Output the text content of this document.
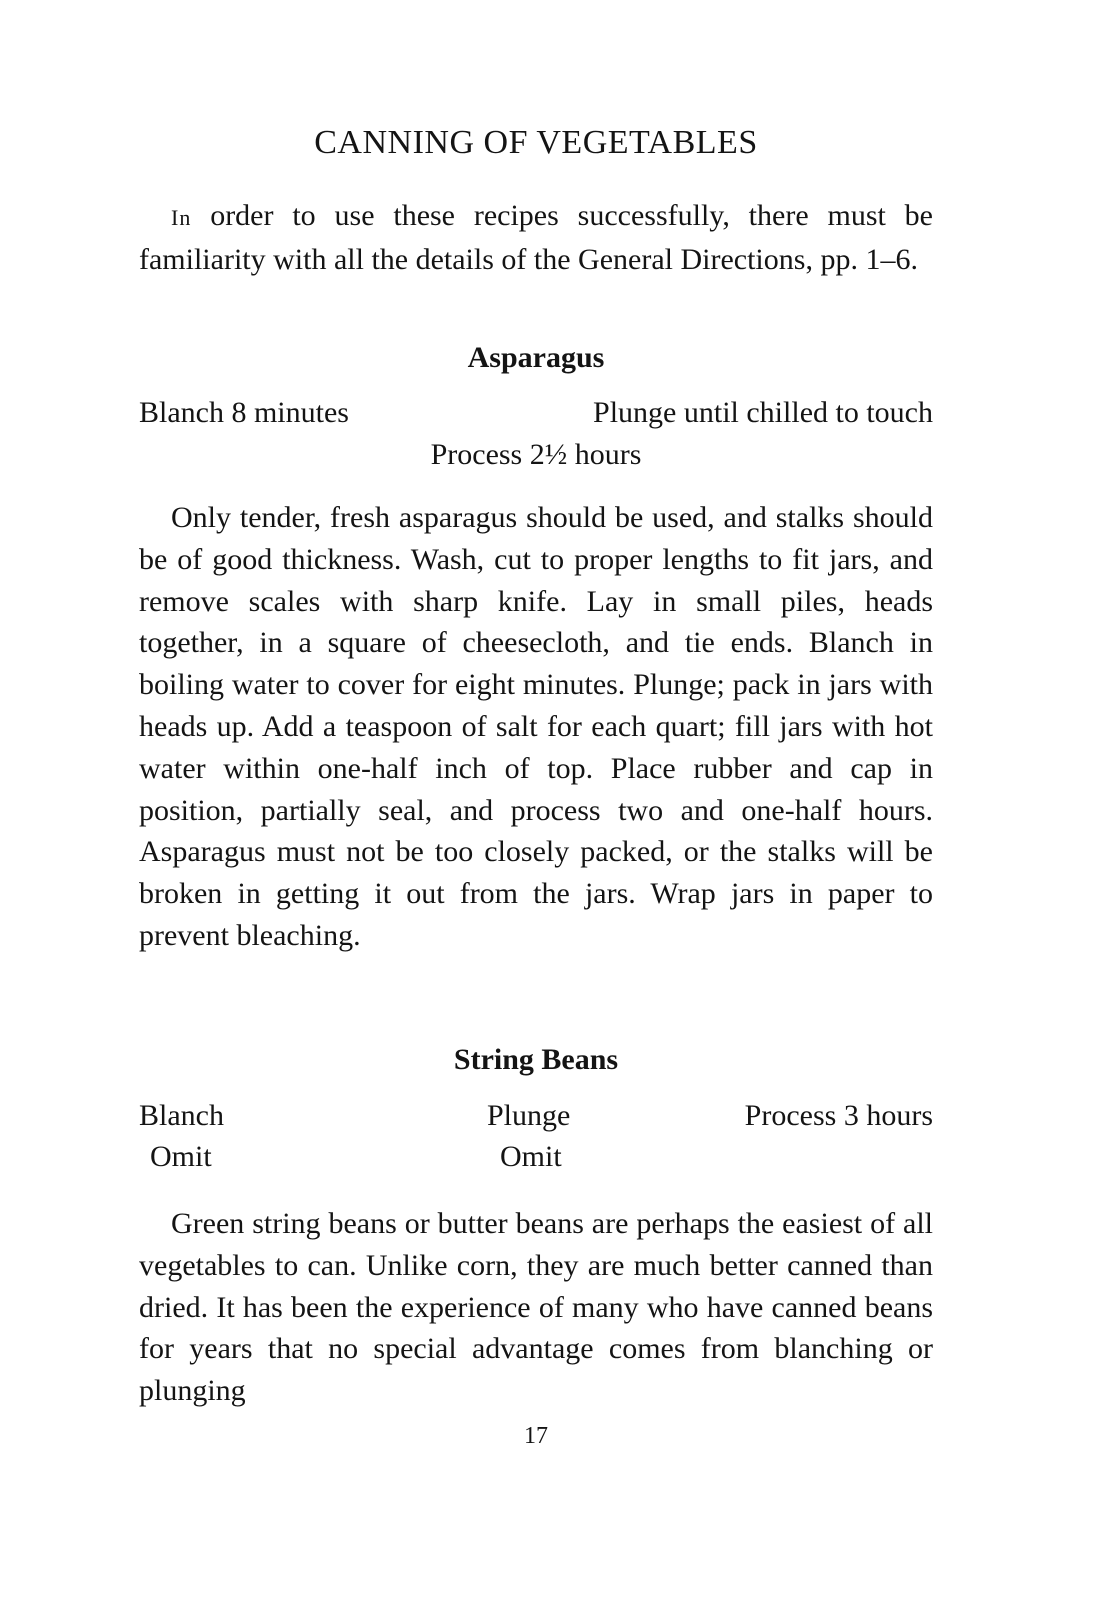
CANNING OF VEGETABLES

In order to use these recipes successfully, there must be familiarity with all the details of the General Directions, pp. 1–6.

Asparagus
Blanch 8 minutes	Plunge until chilled to touch
Process 2½ hours

Only tender, fresh asparagus should be used, and stalks should be of good thickness. Wash, cut to proper lengths to fit jars, and remove scales with sharp knife. Lay in small piles, heads together, in a square of cheesecloth, and tie ends. Blanch in boiling water to cover for eight minutes. Plunge; pack in jars with heads up. Add a teaspoon of salt for each quart; fill jars with hot water within one-half inch of top. Place rubber and cap in position, partially seal, and process two and one-half hours. Asparagus must not be too closely packed, or the stalks will be broken in getting it out from the jars. Wrap jars in paper to prevent bleaching.

String Beans
Blanch	Plunge	Process 3 hours
Omit	Omit

Green string beans or butter beans are perhaps the easiest of all vegetables to can. Unlike corn, they are much better canned than dried. It has been the experience of many who have canned beans for years that no special advantage comes from blanching or plunging

17
